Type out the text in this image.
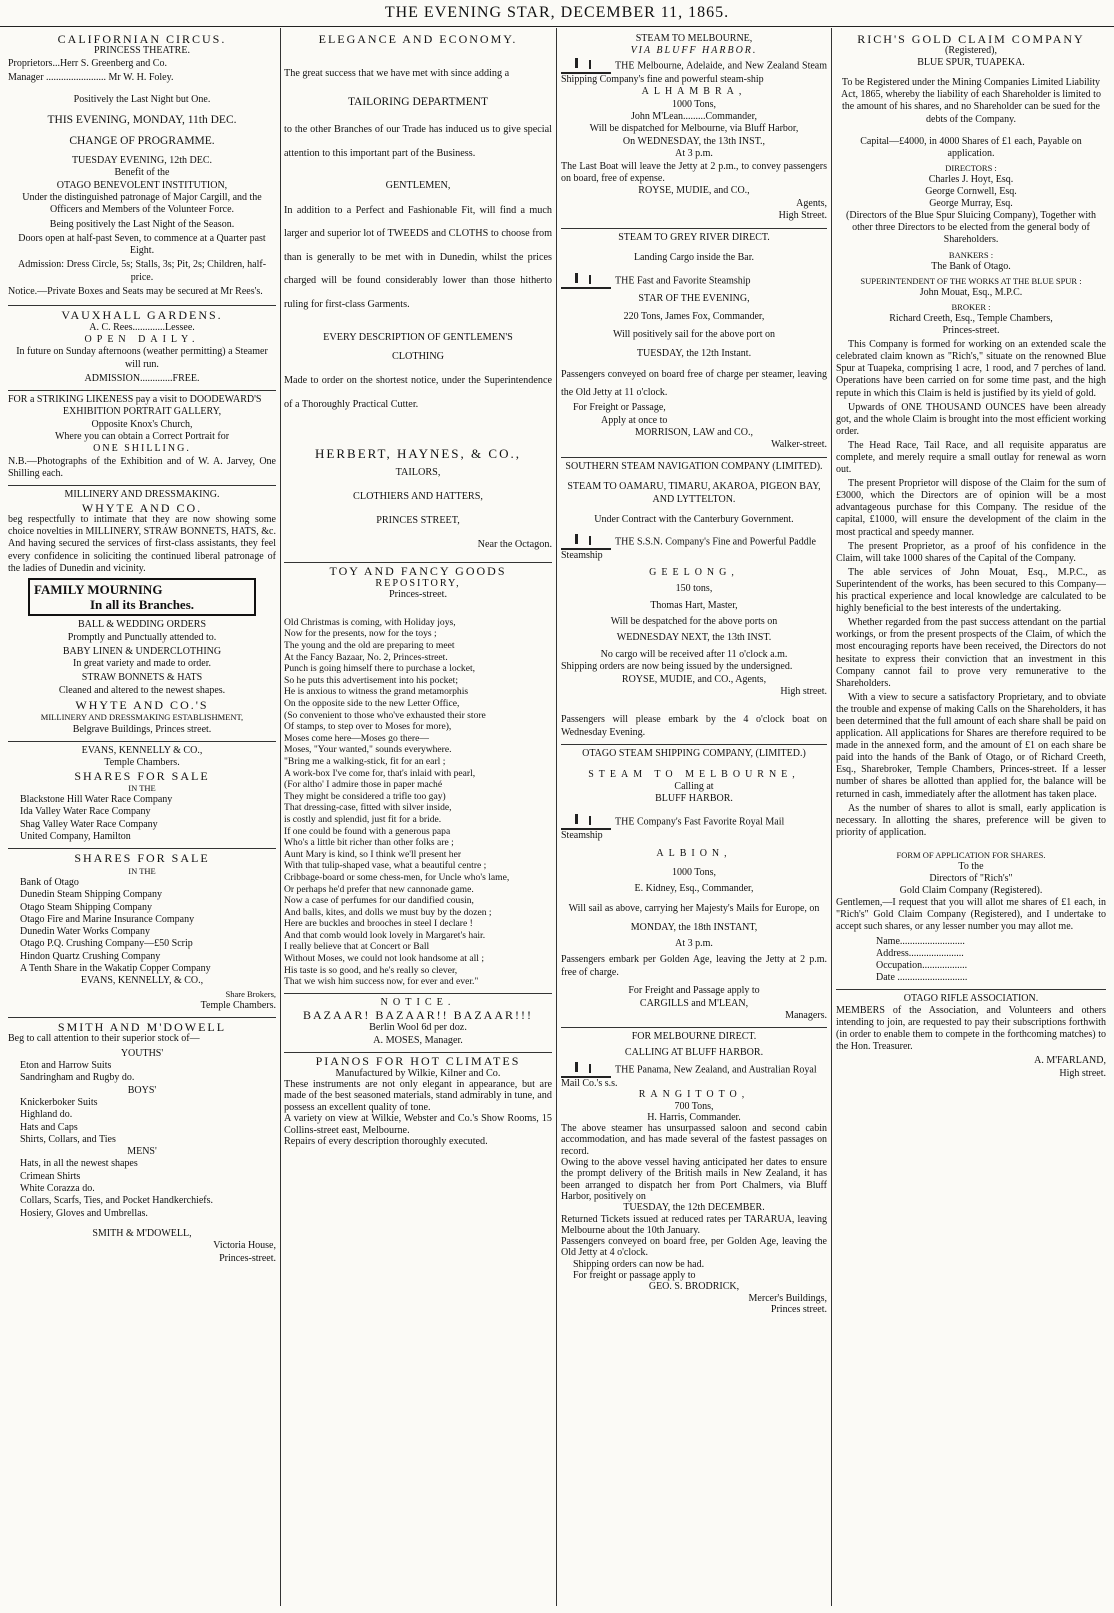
THE EVENING STAR, DECEMBER 11, 1865.
CALIFORNIAN CIRCUS.
PRINCESS THEATRE.
Proprietors...Herr S. Greenberg and Co.
Manager ........................ Mr W. H. Foley.
Positively the Last Night but One.
THIS EVENING, MONDAY, 11th DEC.
CHANGE OF PROGRAMME.
TUESDAY EVENING, 12th DEC.
Benefit of the
OTAGO BENEVOLENT INSTITUTION,
Under the distinguished patronage of Major Cargill, and the Officers and Members of the Volunteer Force.
Being positively the Last Night of the Season.
Doors open at half-past Seven, to commence at a Quarter past Eight.
Admission: Dress Circle, 5s; Stalls, 3s; Pit, 2s; Children, half-price.
Notice.—Private Boxes and Seats may be secured at Mr Rees's.
VAUXHALL GARDENS.
A. C. Rees.............Lessee.
OPEN DAILY.
In future on Sunday afternoons (weather permitting) a Steamer will run.
ADMISSION.............FREE.
FOR a STRIKING LIKENESS pay a visit to DOODEWARD'S
EXHIBITION PORTRAIT GALLERY,
Opposite Knox's Church,
Where you can obtain a Correct Portrait for
ONE SHILLING.
N.B.—Photographs of the Exhibition and of W. A. Jarvey, One Shilling each.
MILLINERY AND DRESSMAKING.
WHYTE AND CO.
beg respectfully to intimate that they are now showing some choice novelties in MILLINERY, STRAW BONNETS, HATS, &c. And having secured the services of first-class assistants, they feel every confidence in soliciting the continued liberal patronage of the ladies of Dunedin and vicinity.
FAMILY MOURNING
In all its Branches.
BALL & WEDDING ORDERS
Promptly and Punctually attended to.
BABY LINEN & UNDERCLOTHING
In great variety and made to order.
STRAW BONNETS & HATS
Cleaned and altered to the newest shapes.
WHYTE AND CO.'S
MILLINERY AND DRESSMAKING ESTABLISHMENT,
Belgrave Buildings, Princes street.
EVANS, KENNELLY & CO.,
Temple Chambers.
SHARES FOR SALE
IN THE
Blackstone Hill Water Race Company
Ida Valley Water Race Company
Shag Valley Water Race Company
United Company, Hamilton
SHARES FOR SALE
IN THE
Bank of Otago
Dunedin Steam Shipping Company
Otago Steam Shipping Company
Otago Fire and Marine Insurance Company
Dunedin Water Works Company
Otago P.Q. Crushing Company—£50 Scrip
Hindon Quartz Crushing Company
A Tenth Share in the Wakatip Copper Company
EVANS, KENNELLY, & CO.,
Share Brokers,
Temple Chambers.
SMITH AND M'DOWELL
Beg to call attention to their superior stock of—
YOUTHS'
Eton and Harrow Suits
Sandringham and Rugby do.
BOYS'
Knickerboker Suits
Highland do.
Hats and Caps
Shirts, Collars, and Ties
MENS'
Hats, in all the newest shapes
Crimean Shirts
White Corazza do.
Collars, Scarfs, Ties, and Pocket Handkerchiefs.
Hosiery, Gloves and Umbrellas.
SMITH & M'DOWELL,
Victoria House,
Princes-street.
ELEGANCE AND ECONOMY.
The great success that we have met with since adding a
TAILORING DEPARTMENT
to the other Branches of our Trade has induced us to give special attention to this important part of the Business.
GENTLEMEN,
In addition to a Perfect and Fashionable Fit, will find a much larger and superior lot of TWEEDS and CLOTHS to choose from than is generally to be met with in Dunedin, whilst the prices charged will be found considerably lower than those hitherto ruling for first-class Garments.
EVERY DESCRIPTION OF GENTLEMEN'S
CLOTHING
Made to order on the shortest notice, under the Superintendence of a Thoroughly Practical Cutter.
HERBERT, HAYNES, & CO.,
TAILORS,
CLOTHIERS AND HATTERS,
PRINCES STREET,
Near the Octagon.
TOY AND FANCY GOODS
REPOSITORY,
Princes-street.
Old Christmas is coming, with Holiday joys,
Now for the presents, now for the toys ;
The young and the old are preparing to meet
At the Fancy Bazaar, No. 2, Princes-street.
Punch is going himself there to purchase a locket,
So he puts this advertisement into his pocket;
He is anxious to witness the grand metamorphis
On the opposite side to the new Letter Office,
(So convenient to those who've exhausted their store
Of stamps, to step over to Moses for more),
Moses come here—Moses go there—
Moses, "Your wanted," sounds everywhere.
"Bring me a walking-stick, fit for an earl ;
A work-box I've come for, that's inlaid with pearl,
(For altho' I admire those in paper maché
They might be considered a trifle too gay)
That dressing-case, fitted with silver inside,
is costly and splendid, just fit for a bride.
If one could be found with a generous papa
Who's a little bit richer than other folks are ;
Aunt Mary is kind, so I think we'll present her
With that tulip-shaped vase, what a beautiful centre ;
Cribbage-board or some chess-men, for Uncle who's lame,
Or perhaps he'd prefer that new cannonade game.
Now a case of perfumes for our dandified cousin,
And balls, kites, and dolls we must buy by the dozen ;
Here are buckles and brooches in steel I declare !
And that comb would look lovely in Margaret's hair.
I really believe that at Concert or Ball
Without Moses, we could not look handsome at all ;
His taste is so good, and he's really so clever,
That we wish him success now, for ever and ever."
NOTICE.
BAZAAR! BAZAAR!! BAZAAR!!!
Berlin Wool 6d per doz.
A. MOSES, Manager.
PIANOS FOR HOT CLIMATES
Manufactured by Wilkie, Kilner and Co.
These instruments are not only elegant in appearance, but are made of the best seasoned materials, stand admirably in tune, and possess an excellent quality of tone.
A variety on view at Wilkie, Webster and Co.'s Show Rooms, 15 Collins-street east, Melbourne.
Repairs of every description thoroughly executed.
STEAM TO MELBOURNE,
VIA BLUFF HARBOR.
THE Melbourne, Adelaide, and New Zealand Steam Shipping Company's fine and powerful steam-ship
ALHAMBRA,
1000 Tons,
John M'Lean.........Commander,
Will be dispatched for Melbourne, via Bluff Harbor,
On WEDNESDAY, the 13th INST.,
At 3 p.m.
The Last Boat will leave the Jetty at 2 p.m., to convey passengers on board, free of expense.
ROYSE, MUDIE, and CO.,
Agents,
High Street.
STEAM TO GREY RIVER DIRECT.
Landing Cargo inside the Bar.
THE Fast and Favorite Steamship
STAR OF THE EVENING,
220 Tons, James Fox, Commander,
Will positively sail for the above port on
TUESDAY, the 12th Instant.
Passengers conveyed on board free of charge per steamer, leaving the Old Jetty at 11 o'clock.
For Freight or Passage,
Apply at once to
MORRISON, LAW and CO.,
Walker-street.
SOUTHERN STEAM NAVIGATION COMPANY (LIMITED).
STEAM TO OAMARU, TIMARU, AKAROA, PIGEON BAY, AND LYTTELTON.
Under Contract with the Canterbury Government.
THE S.S.N. Company's Fine and Powerful Paddle Steamship
GEELONG,
150 tons,
Thomas Hart, Master,
Will be despatched for the above ports on
WEDNESDAY NEXT, the 13th INST.
No cargo will be received after 11 o'clock a.m.
Shipping orders are now being issued by the undersigned.
ROYSE, MUDIE, and CO., Agents,
High street.
Passengers will please embark by the 4 o'clock boat on Wednesday Evening.
OTAGO STEAM SHIPPING COMPANY, (LIMITED.)
STEAM TO MELBOURNE,
Calling at
BLUFF HARBOR.
THE Company's Fast Favorite Royal Mail Steamship
ALBION,
1000 Tons,
E. Kidney, Esq., Commander,
Will sail as above, carrying her Majesty's Mails for Europe, on
MONDAY, the 18th INSTANT,
At 3 p.m.
Passengers embark per Golden Age, leaving the Jetty at 2 p.m. free of charge.
For Freight and Passage apply to
CARGILLS and M'LEAN,
Managers.
FOR MELBOURNE DIRECT.
CALLING AT BLUFF HARBOR.
THE Panama, New Zealand, and Australian Royal Mail Co.'s s.s.
RANGITOTO,
700 Tons,
H. Harris, Commander.
The above steamer has unsurpassed saloon and second cabin accommodation, and has made several of the fastest passages on record.
Owing to the above vessel having anticipated her dates to ensure the prompt delivery of the British mails in New Zealand, it has been arranged to dispatch her from Port Chalmers, via Bluff Harbor, positively on
TUESDAY, the 12th DECEMBER.
Returned Tickets issued at reduced rates per TARARUA, leaving Melbourne about the 10th January.
Passengers conveyed on board free, per Golden Age, leaving the Old Jetty at 4 o'clock.
Shipping orders can now be had.
For freight or passage apply to
GEO. S. BRODRICK,
Mercer's Buildings,
Princes street.
RICH'S GOLD CLAIM COMPANY
(Registered),
BLUE SPUR, TUAPEKA.
To be Registered under the Mining Companies Limited Liability Act, 1865, whereby the liability of each Shareholder is limited to the amount of his shares, and no Shareholder can be sued for the debts of the Company.
Capital—£4000, in 4000 Shares of £1 each, Payable on application.
DIRECTORS :
Charles J. Hoyt, Esq.
George Cornwell, Esq.
George Murray, Esq.
(Directors of the Blue Spur Sluicing Company), Together with other three Directors to be elected from the general body of Shareholders.
BANKERS :
The Bank of Otago.
SUPERINTENDENT OF THE WORKS AT THE BLUE SPUR :
John Mouat, Esq., M.P.C.
BROKER :
Richard Creeth, Esq., Temple Chambers,
Princes-street.
This Company is formed for working on an extended scale the celebrated claim known as "Rich's," situate on the renowned Blue Spur at Tuapeka, comprising 1 acre, 1 rood, and 7 perches of land. Operations have been carried on for some time past, and the high repute in which this Claim is held is justified by its yield of gold.
Upwards of ONE THOUSAND OUNCES have been already got, and the whole Claim is brought into the most efficient working order.
The Head Race, Tail Race, and all requisite apparatus are complete, and merely require a small outlay for renewal as worn out.
The present Proprietor will dispose of the Claim for the sum of £3000, which the Directors are of opinion will be a most advantageous purchase for this Company. The residue of the capital, £1000, will ensure the development of the claim in the most practical and speedy manner.
The present Proprietor, as a proof of his confidence in the Claim, will take 1000 shares of the Capital of the Company.
The able services of John Mouat, Esq., M.P.C., as Superintendent of the works, has been secured to this Company—his practical experience and local knowledge are calculated to be highly beneficial to the best interests of the undertaking.
Whether regarded from the past success attendant on the partial workings, or from the present prospects of the Claim, of which the most encouraging reports have been received, the Directors do not hesitate to express their conviction that an investment in this Company cannot fail to prove very remunerative to the Shareholders.
With a view to secure a satisfactory Proprietary, and to obviate the trouble and expense of making Calls on the Shareholders, it has been determined that the full amount of each share shall be paid on application. All applications for Shares are therefore required to be made in the annexed form, and the amount of £1 on each share be paid into the hands of the Bank of Otago, or of Richard Creeth, Esq., Sharebroker, Temple Chambers, Princes-street. If a lesser number of shares be allotted than applied for, the balance will be returned in cash, immediately after the allotment has taken place.
As the number of shares to allot is small, early application is necessary. In allotting the shares, preference will be given to priority of application.
FORM OF APPLICATION FOR SHARES.
To the
Directors of "Rich's"
Gold Claim Company (Registered).
Gentlemen,—I request that you will allot me shares of £1 each, in "Rich's" Gold Claim Company (Registered), and I undertake to accept such shares, or any lesser number you may allot me.
Name..........................
Address......................
Occupation..................
Date ............................
OTAGO RIFLE ASSOCIATION.
MEMBERS of the Association, and Volunteers and others intending to join, are requested to pay their subscriptions forthwith (in order to enable them to compete in the forthcoming matches) to the Hon. Treasurer.
A. M'FARLAND,
High street.
